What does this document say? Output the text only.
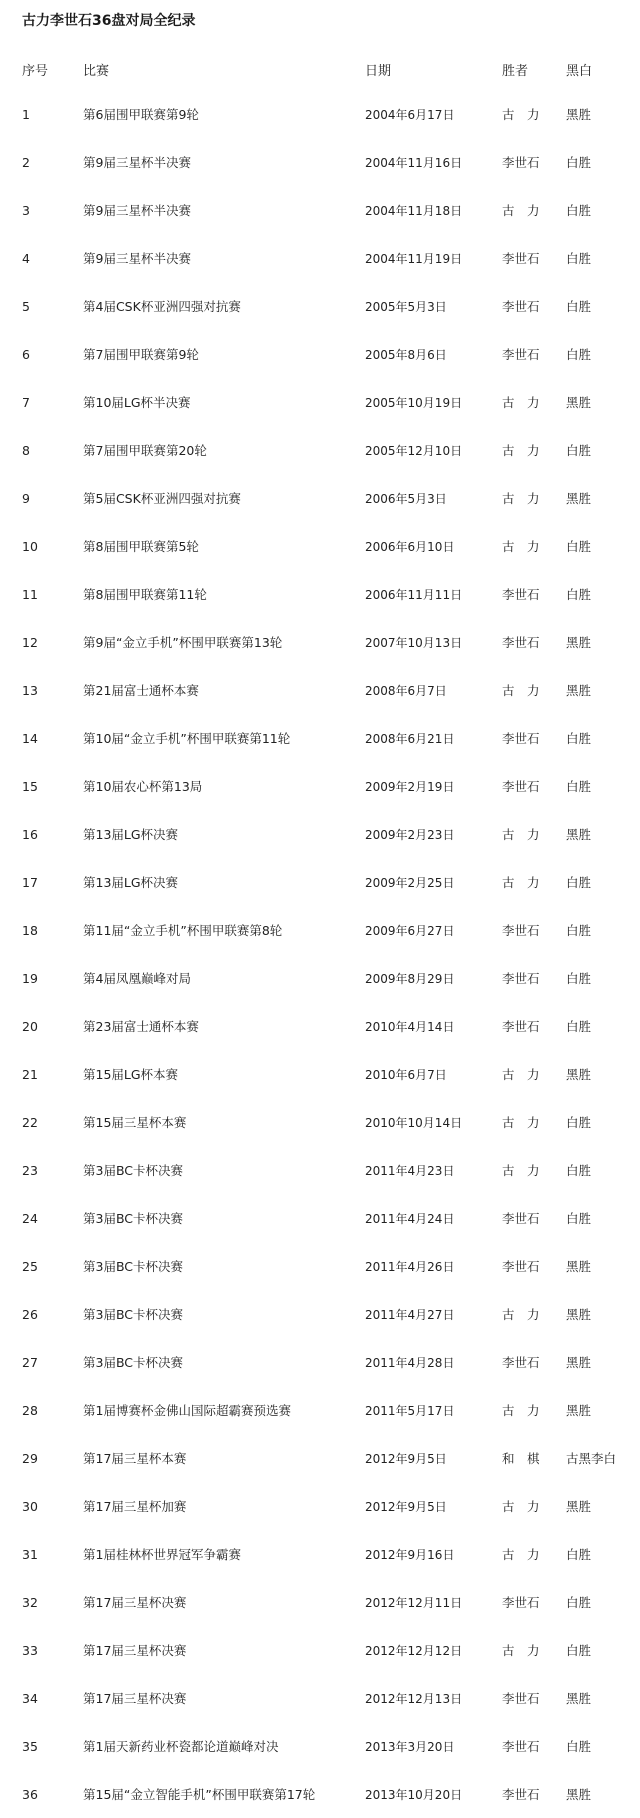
古力李世石36盘对局全纪录
序号	比赛	日期	胜者	黑白
1	第6届围甲联赛第9轮	2004年6月17日	古　力	黑胜
2	第9届三星杯半决赛	2004年11月16日	李世石	白胜
3	第9届三星杯半决赛	2004年11月18日	古　力	白胜
4	第9届三星杯半决赛	2004年11月19日	李世石	白胜
5	第4届CSK杯亚洲四强对抗赛	2005年5月3日	李世石	白胜
6	第7届围甲联赛第9轮	2005年8月6日	李世石	白胜
7	第10届LG杯半决赛	2005年10月19日	古　力	黑胜
8	第7届围甲联赛第20轮	2005年12月10日	古　力	白胜
9	第5届CSK杯亚洲四强对抗赛	2006年5月3日	古　力	黑胜
10	第8届围甲联赛第5轮	2006年6月10日	古　力	白胜
11	第8届围甲联赛第11轮	2006年11月11日	李世石	白胜
12	第9届“金立手机”杯围甲联赛第13轮	2007年10月13日	李世石	黑胜
13	第21届富士通杯本赛	2008年6月7日	古　力	黑胜
14	第10届“金立手机”杯围甲联赛第11轮	2008年6月21日	李世石	白胜
15	第10届农心杯第13局	2009年2月19日	李世石	白胜
16	第13届LG杯决赛	2009年2月23日	古　力	黑胜
17	第13届LG杯决赛	2009年2月25日	古　力	白胜
18	第11届“金立手机”杯围甲联赛第8轮	2009年6月27日	李世石	白胜
19	第4届凤凰巅峰对局	2009年8月29日	李世石	白胜
20	第23届富士通杯本赛	2010年4月14日	李世石	白胜
21	第15届LG杯本赛	2010年6月7日	古　力	黑胜
22	第15届三星杯本赛	2010年10月14日	古　力	白胜
23	第3届BC卡杯决赛	2011年4月23日	古　力	白胜
24	第3届BC卡杯决赛	2011年4月24日	李世石	白胜
25	第3届BC卡杯决赛	2011年4月26日	李世石	黑胜
26	第3届BC卡杯决赛	2011年4月27日	古　力	黑胜
27	第3届BC卡杯决赛	2011年4月28日	李世石	黑胜
28	第1届博赛杯金佛山国际超霸赛预选赛	2011年5月17日	古　力	黑胜
29	第17届三星杯本赛	2012年9月5日	和　棋	古黑李白
30	第17届三星杯加赛	2012年9月5日	古　力	黑胜
31	第1届桂林杯世界冠军争霸赛	2012年9月16日	古　力	白胜
32	第17届三星杯决赛	2012年12月11日	李世石	白胜
33	第17届三星杯决赛	2012年12月12日	古　力	白胜
34	第17届三星杯决赛	2012年12月13日	李世石	黑胜
35	第1届天新药业杯瓷都论道巅峰对决	2013年3月20日	李世石	白胜
36	第15届“金立智能手机”杯围甲联赛第17轮	2013年10月20日	李世石	黑胜
